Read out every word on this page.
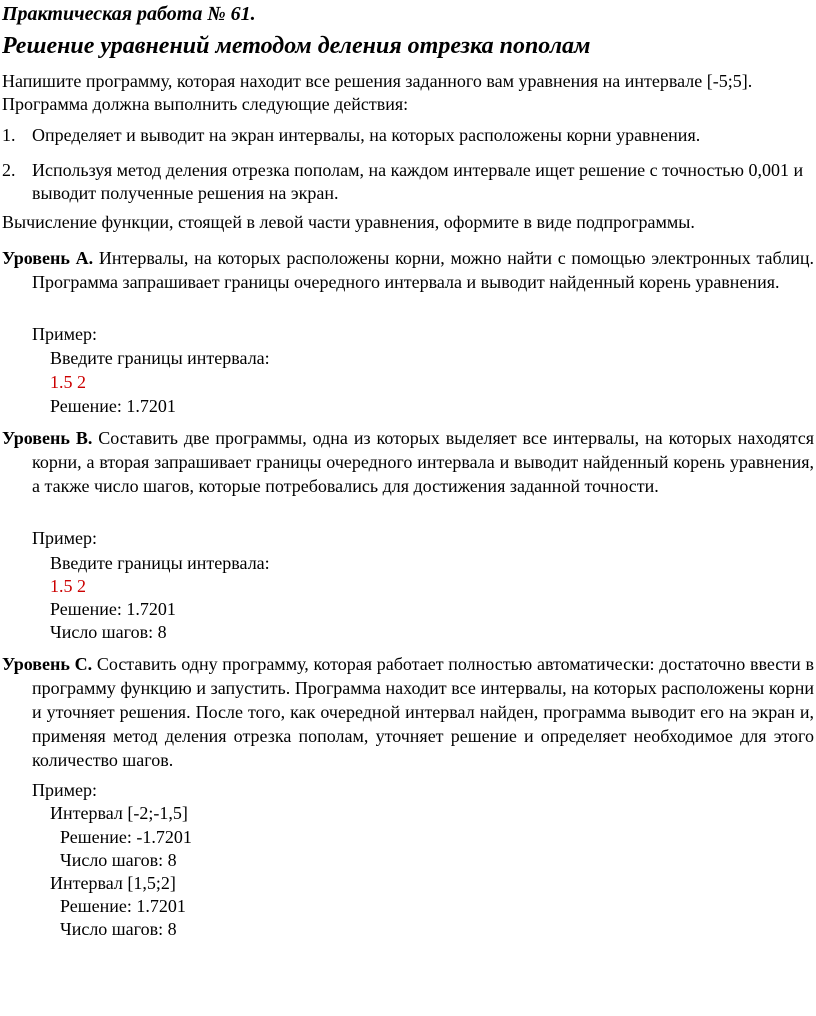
Практическая работа № 61.
Решение уравнений методом деления отрезка пополам

Напишите программу, которая находит все решения заданного вам уравнения на интервале [-5;5]. Программа должна выполнить следующие действия:

1. Определяет и выводит на экран интервалы, на которых расположены корни уравнения.
2. Используя метод деления отрезка пополам, на каждом интервале ищет решение с точностью 0,001 и выводит полученные решения на экран.

Вычисление функции, стоящей в левой части уравнения, оформите в виде подпрограммы.

Уровень А. Интервалы, на которых расположены корни, можно найти с помощью электронных таблиц. Программа запрашивает границы очередного интервала и выводит найденный корень уравнения.

Пример:
Введите границы интервала:
1.5 2
Решение: 1.7201

Уровень В. Составить две программы, одна из которых выделяет все интервалы, на которых находятся корни, а вторая запрашивает границы очередного интервала и выводит найденный корень уравнения, а также число шагов, которые потребовались для достижения заданной точности.

Пример:
Введите границы интервала:
1.5 2
Решение: 1.7201
Число шагов: 8

Уровень С. Составить одну программу, которая работает полностью автоматически: достаточно ввести в программу функцию и запустить. Программа находит все интервалы, на которых расположены корни и уточняет решения. После того, как очередной интервал найден, программа выводит его на экран и, применяя метод деления отрезка пополам, уточняет решение и определяет необходимое для этого количество шагов.

Пример:
Интервал [-2;-1,5]
Решение: -1.7201
Число шагов: 8
Интервал [1,5;2]
Решение: 1.7201
Число шагов: 8
